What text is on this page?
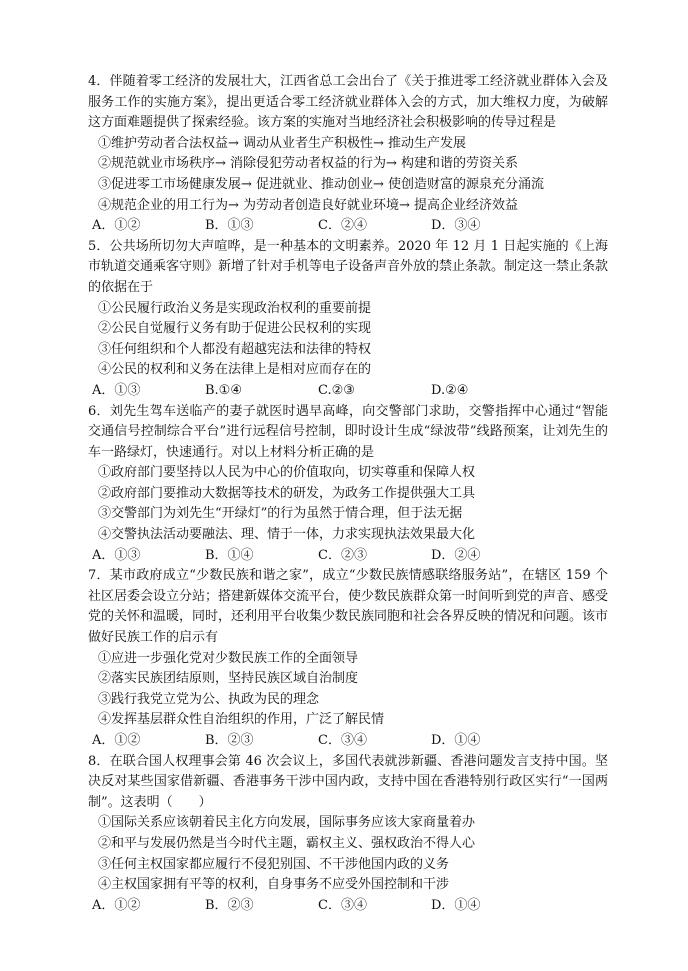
4．伴随着零工经济的发展壮大，江西省总工会出台了《关于推进零工经济就业群体入会及服务工作的实施方案》，提出更适合零工经济就业群体入会的方式，加大维权力度，为破解这方面难题提供了探索经验。该方案的实施对当地经济社会积极影响的传导过程是

①维护劳动者合法权益→ 调动从业者生产积极性→ 推动生产发展

②规范就业市场秩序→ 消除侵犯劳动者权益的行为→ 构建和谐的劳资关系

③促进零工市场健康发展→ 促进就业、推动创业→ 使创造财富的源泉充分涌流

④规范企业的用工行为→ 为劳动者创造良好就业环境→ 提高企业经济效益

A．①②	B．①③	C．②④	D．③④

5．公共场所切勿大声喧哗，是一种基本的文明素养。2020 年 12 月 1 日起实施的《上海市轨道交通乘客守则》新增了针对手机等电子设备声音外放的禁止条款。制定这一禁止条款的依据在于

①公民履行政治义务是实现政治权利的重要前提

②公民自觉履行义务有助于促进公民权利的实现

③任何组织和个人都没有超越宪法和法律的特权

④公民的权利和义务在法律上是相对应而存在的

A．①③	B.①④	C.②③	D.②④

6．刘先生驾车送临产的妻子就医时遇早高峰，向交警部门求助，交警指挥中心通过“智能交通信号控制综合平台”进行远程信号控制，即时设计生成“绿波带”线路预案，让刘先生的车一路绿灯，快速通行。对以上材料分析正确的是

①政府部门要坚持以人民为中心的价值取向，切实尊重和保障人权

②政府部门要推动大数据等技术的研发，为政务工作提供强大工具

③交警部门为刘先生“开绿灯”的行为虽然于情合理，但于法无据

④交警执法活动要融法、理、情于一体，力求实现执法效果最大化

A．①③	B．①④	C．②③	D．②④

7．某市政府成立“少数民族和谐之家”，成立“少数民族情感联络服务站”，在辖区 159 个社区居委会设立分站；搭建新媒体交流平台，使少数民族群众第一时间听到党的声音、感受党的关怀和温暖，同时，还利用平台收集少数民族同胞和社会各界反映的情况和问题。该市做好民族工作的启示有

①应进一步强化党对少数民族工作的全面领导

②落实民族团结原则，坚持民族区域自治制度

③践行我党立党为公、执政为民的理念

④发挥基层群众性自治组织的作用，广泛了解民情

A．①②	B．②③	C．③④	D．①④

8．在联合国人权理事会第 46 次会议上，多国代表就涉新疆、香港问题发言支持中国。坚决反对某些国家借新疆、香港事务干涉中国内政，支持中国在香港特别行政区实行“一国两制”。这表明（　　）

①国际关系应该朝着民主化方向发展，国际事务应该大家商量着办

②和平与发展仍然是当今时代主题，霸权主义、强权政治不得人心

③任何主权国家都应履行不侵犯别国、不干涉他国内政的义务

④主权国家拥有平等的权利，自身事务不应受外国控制和干涉

A．①②	B．②③	C．③④	D．①④
